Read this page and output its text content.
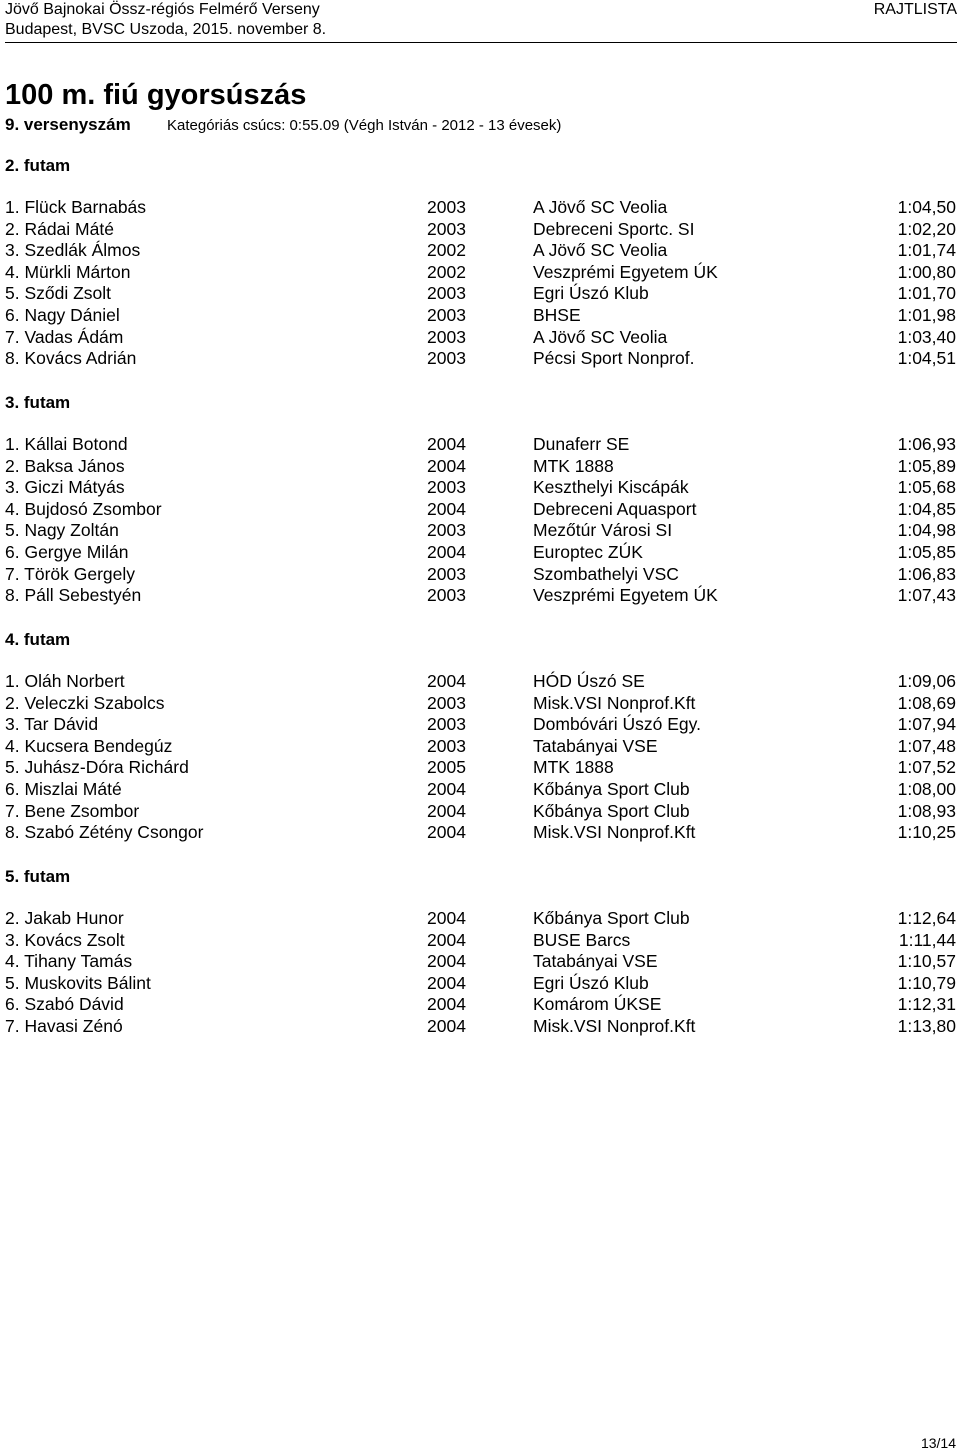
Jövő Bajnokai Össz-régiós Felmérő Verseny
Budapest, BVSC Uszoda, 2015. november 8.
RAJTLISTA
100 m. fiú gyorsúszás
9. versenyszám Kategóriás csúcs: 0:55.09 (Végh István - 2012 - 13 évesek)
2. futam
1. Flück Barnabás	2003	A Jövő SC Veolia	1:04,50
2. Rádai Máté	2003	Debreceni Sportc. SI	1:02,20
3. Szedlák Álmos	2002	A Jövő SC Veolia	1:01,74
4. Mürkli Márton	2002	Veszprémi Egyetem ÚK	1:00,80
5. Sződi Zsolt	2003	Egri Úszó Klub	1:01,70
6. Nagy Dániel	2003	BHSE	1:01,98
7. Vadas Ádám	2003	A Jövő SC Veolia	1:03,40
8. Kovács Adrián	2003	Pécsi Sport Nonprof.	1:04,51
3. futam
1. Kállai Botond	2004	Dunaferr SE	1:06,93
2. Baksa János	2004	MTK 1888	1:05,89
3. Giczi Mátyás	2003	Keszthelyi Kiscápák	1:05,68
4. Bujdosó Zsombor	2004	Debreceni Aquasport	1:04,85
5. Nagy Zoltán	2003	Mezőtúr Városi SI	1:04,98
6. Gergye Milán	2004	Europtec ZÚK	1:05,85
7. Török Gergely	2003	Szombathelyi VSC	1:06,83
8. Páll Sebestyén	2003	Veszprémi Egyetem ÚK	1:07,43
4. futam
1. Oláh Norbert	2004	HÓD Úszó SE	1:09,06
2. Veleczki Szabolcs	2003	Misk.VSI Nonprof.Kft	1:08,69
3. Tar Dávid	2003	Dombóvári Úszó Egy.	1:07,94
4. Kucsera Bendegúz	2003	Tatabányai VSE	1:07,48
5. Juhász-Dóra Richárd	2005	MTK 1888	1:07,52
6. Miszlai Máté	2004	Kőbánya Sport Club	1:08,00
7. Bene Zsombor	2004	Kőbánya Sport Club	1:08,93
8. Szabó Zétény Csongor	2004	Misk.VSI Nonprof.Kft	1:10,25
5. futam
2. Jakab Hunor	2004	Kőbánya Sport Club	1:12,64
3. Kovács Zsolt	2004	BUSE Barcs	1:11,44
4. Tihany Tamás	2004	Tatabányai VSE	1:10,57
5. Muskovits Bálint	2004	Egri Úszó Klub	1:10,79
6. Szabó Dávid	2004	Komárom ÚKSE	1:12,31
7. Havasi Zénó	2004	Misk.VSI Nonprof.Kft	1:13,80
13/14
